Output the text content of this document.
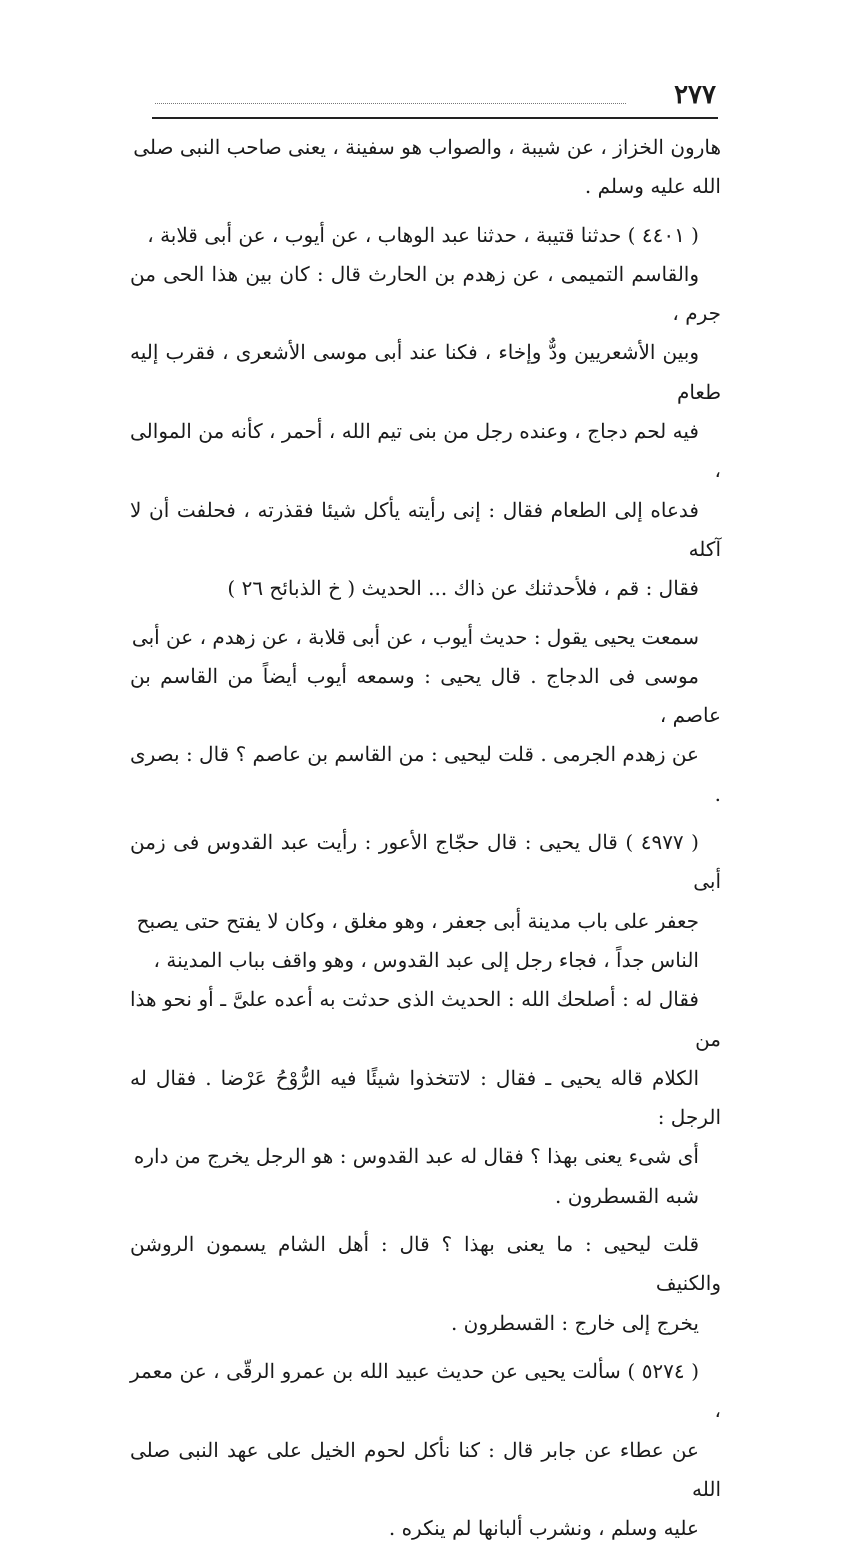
٢٧٧
هارون الخزاز ، عن شيبة ، والصواب هو سفينة ، يعنى صاحب النبى صلى
الله عليه وسلم .
( ٤٤٠١ ) حدثنا قتيبة ، حدثنا عبد الوهاب ، عن أيوب ، عن أبى قلابة ،
والقاسم التميمى ، عن زهدم بن الحارث قال : كان بين هذا الحى من جرم ،
وبين الأشعريين ودٌّ وإخاء ، فكنا عند أبى موسى الأشعرى ، فقرب إليه طعام
فيه لحم دجاج ، وعنده رجل من بنى تيم الله ، أحمر ، كأنه من الموالى ،
فدعاه إلى الطعام فقال : إنى رأيته يأكل شيئا فقذرته ، فحلفت أن لا آكله
فقال : قم ، فلأحدثنك عن ذاك ... الحديث ( خ الذبائح ٢٦ )
سمعت يحيى يقول : حديث أيوب ، عن أبى قلابة ، عن زهدم ، عن أبى
موسى فى الدجاج . قال يحيى : وسمعه أيوب أيضاً من القاسم بن عاصم ،
عن زهدم الجرمى . قلت ليحيى : من القاسم بن عاصم ؟ قال : بصرى .
( ٤٩٧٧ ) قال يحيى : قال حجّاج الأعور : رأيت عبد القدوس فى زمن أبى
جعفر على باب مدينة أبى جعفر ، وهو مغلق ، وكان لا يفتح حتى يصبح
الناس جداً ، فجاء رجل إلى عبد القدوس ، وهو واقف بباب المدينة ،
فقال له : أصلحك الله : الحديث الذى حدثت به أعده علىَّ ـ أو نحو هذا من
الكلام قاله يحيى ـ فقال : لاتتخذوا شيئًا فيه الرُّوْحُ عَرْضا . فقال له الرجل :
أى شىء يعنى بهذا ؟ فقال له عبد القدوس : هو الرجل يخرج من داره
شبه القسطرون .
قلت ليحيى : ما يعنى بهذا ؟ قال : أهل الشام يسمون الروشن والكنيف
يخرج إلى خارج : القسطرون .
( ٥٢٧٤ ) سألت يحيى عن حديث عبيد الله بن عمرو الرقّى ، عن معمر ،
عن عطاء عن جابر قال : كنا نأكل لحوم الخيل على عهد النبى صلى الله
عليه وسلم ، ونشرب ألبانها لم ينكره .
